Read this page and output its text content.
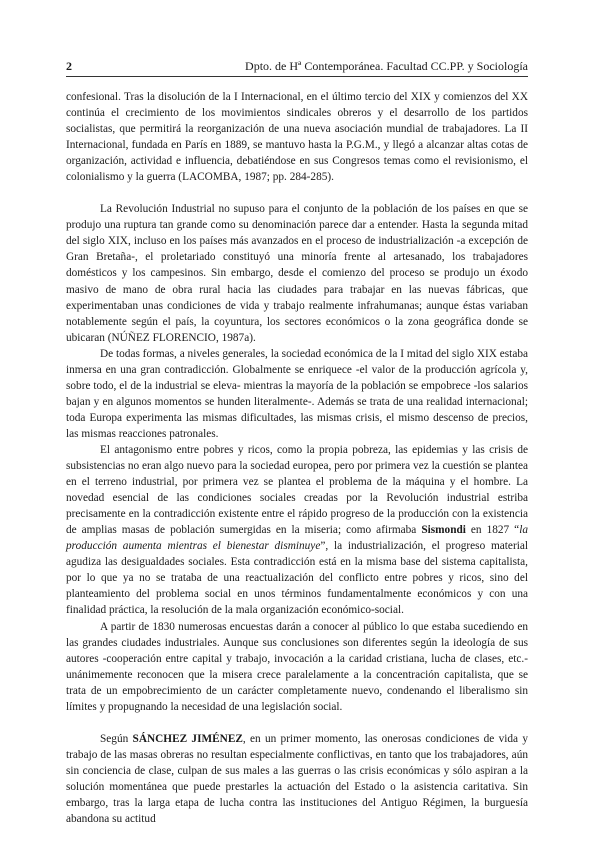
2	Dpto. de Hª Contemporánea. Facultad CC.PP. y Sociología

confesional. Tras la disolución de la I Internacional, en el último tercio del XIX y comienzos del XX continúa el crecimiento de los movimientos sindicales obreros y el desarrollo de los partidos socialistas, que permitirá la reorganización de una nueva asociación mundial de trabajadores. La II Internacional, fundada en París en 1889, se mantuvo hasta la P.G.M., y llegó a alcanzar altas cotas de organización, actividad e influencia, debatiéndose en sus Congresos temas como el revisionismo, el colonialismo y la guerra (LACOMBA, 1987; pp. 284-285).

La Revolución Industrial no supuso para el conjunto de la población de los países en que se produjo una ruptura tan grande como su denominación parece dar a entender. Hasta la segunda mitad del siglo XIX, incluso en los países más avanzados en el proceso de industrialización -a excepción de Gran Bretaña-, el proletariado constituyó una minoría frente al artesanado, los trabajadores domésticos y los campesinos. Sin embargo, desde el comienzo del proceso se produjo un éxodo masivo de mano de obra rural hacia las ciudades para trabajar en las nuevas fábricas, que experimentaban unas condiciones de vida y trabajo realmente infrahumanas; aunque éstas variaban notablemente según el país, la coyuntura, los sectores económicos o la zona geográfica donde se ubicaran (NÚÑEZ FLORENCIO, 1987a).

De todas formas, a niveles generales, la sociedad económica de la I mitad del siglo XIX estaba inmersa en una gran contradicción. Globalmente se enriquece -el valor de la producción agrícola y, sobre todo, el de la industrial se eleva- mientras la mayoría de la población se empobrece -los salarios bajan y en algunos momentos se hunden literalmente-. Además se trata de una realidad internacional; toda Europa experimenta las mismas dificultades, las mismas crisis, el mismo descenso de precios, las mismas reacciones patronales.

El antagonismo entre pobres y ricos, como la propia pobreza, las epidemias y las crisis de subsistencias no eran algo nuevo para la sociedad europea, pero por primera vez la cuestión se plantea en el terreno industrial, por primera vez se plantea el problema de la máquina y el hombre. La novedad esencial de las condiciones sociales creadas por la Revolución industrial estriba precisamente en la contradicción existente entre el rápido progreso de la producción con la existencia de amplias masas de población sumergidas en la miseria; como afirmaba Sismondi en 1827 “la producción aumenta mientras el bienestar disminuye”, la industrialización, el progreso material agudiza las desigualdades sociales. Esta contradicción está en la misma base del sistema capitalista, por lo que ya no se trataba de una reactualización del conflicto entre pobres y ricos, sino del planteamiento del problema social en unos términos fundamentalmente económicos y con una finalidad práctica, la resolución de la mala organización económico-social.

A partir de 1830 numerosas encuestas darán a conocer al público lo que estaba sucediendo en las grandes ciudades industriales. Aunque sus conclusiones son diferentes según la ideología de sus autores -cooperación entre capital y trabajo, invocación a la caridad cristiana, lucha de clases, etc.- unánimemente reconocen que la misera crece paralelamente a la concentración capitalista, que se trata de un empobrecimiento de un carácter completamente nuevo, condenando el liberalismo sin límites y propugnando la necesidad de una legislación social.

Según SÁNCHEZ JIMÉNEZ, en un primer momento, las onerosas condiciones de vida y trabajo de las masas obreras no resultan especialmente conflictivas, en tanto que los trabajadores, aún sin conciencia de clase, culpan de sus males a las guerras o las crisis económicas y sólo aspiran a la solución momentánea que puede prestarles la actuación del Estado o la asistencia caritativa. Sin embargo, tras la larga etapa de lucha contra las instituciones del Antiguo Régimen, la burguesía abandona su actitud
